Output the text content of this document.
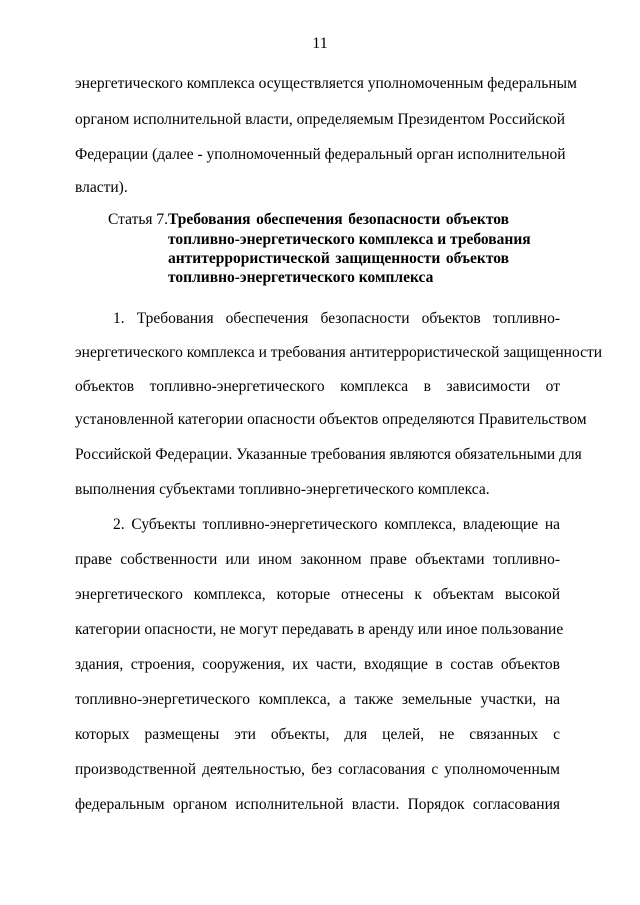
11
энергетического комплекса осуществляется уполномоченным федеральным
органом исполнительной власти, определяемым Президентом Российской
Федерации (далее - уполномоченный федеральный орган исполнительной
власти).
Статья 7. Требования обеспечения безопасности объектов
топливно-энергетического комплекса и требования
антитеррористической защищенности объектов
топливно-энергетического комплекса
1. Требования обеспечения безопасности объектов топливно-
энергетического комплекса и требования антитеррористической защищенности
объектов топливно-энергетического комплекса в зависимости от
установленной категории опасности объектов определяются Правительством
Российской Федерации. Указанные требования являются обязательными для
выполнения субъектами топливно-энергетического комплекса.
2. Субъекты топливно-энергетического комплекса, владеющие на
праве собственности или ином законном праве объектами топливно-
энергетического комплекса, которые отнесены к объектам высокой
категории опасности, не могут передавать в аренду или иное пользование
здания, строения, сооружения, их части, входящие в состав объектов
топливно-энергетического комплекса, а также земельные участки, на
которых размещены эти объекты, для целей, не связанных с
производственной деятельностью, без согласования с уполномоченным
федеральным органом исполнительной власти. Порядок согласования
